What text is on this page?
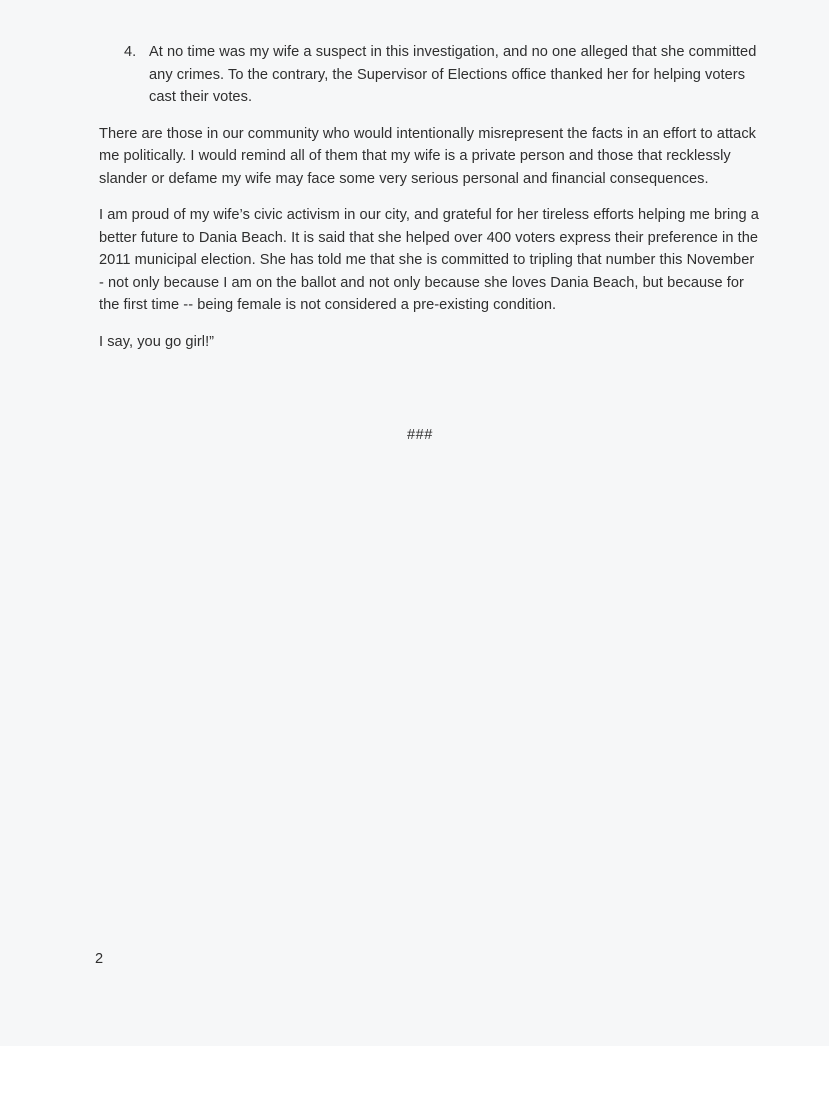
4. At no time was my wife a suspect in this investigation, and no one alleged that she committed any crimes. To the contrary, the Supervisor of Elections office thanked her for helping voters cast their votes.

There are those in our community who would intentionally misrepresent the facts in an effort to attack me politically. I would remind all of them that my wife is a private person and those that recklessly slander or defame my wife may face some very serious personal and financial consequences.

I am proud of my wife’s civic activism in our city, and grateful for her tireless efforts helping me bring a better future to Dania Beach. It is said that she helped over 400 voters express their preference in the 2011 municipal election. She has told me that she is committed to tripling that number this November - not only because I am on the ballot and not only because she loves Dania Beach, but because for the first time -- being female is not considered a pre-existing condition.

I say, you go girl!”

###
2
